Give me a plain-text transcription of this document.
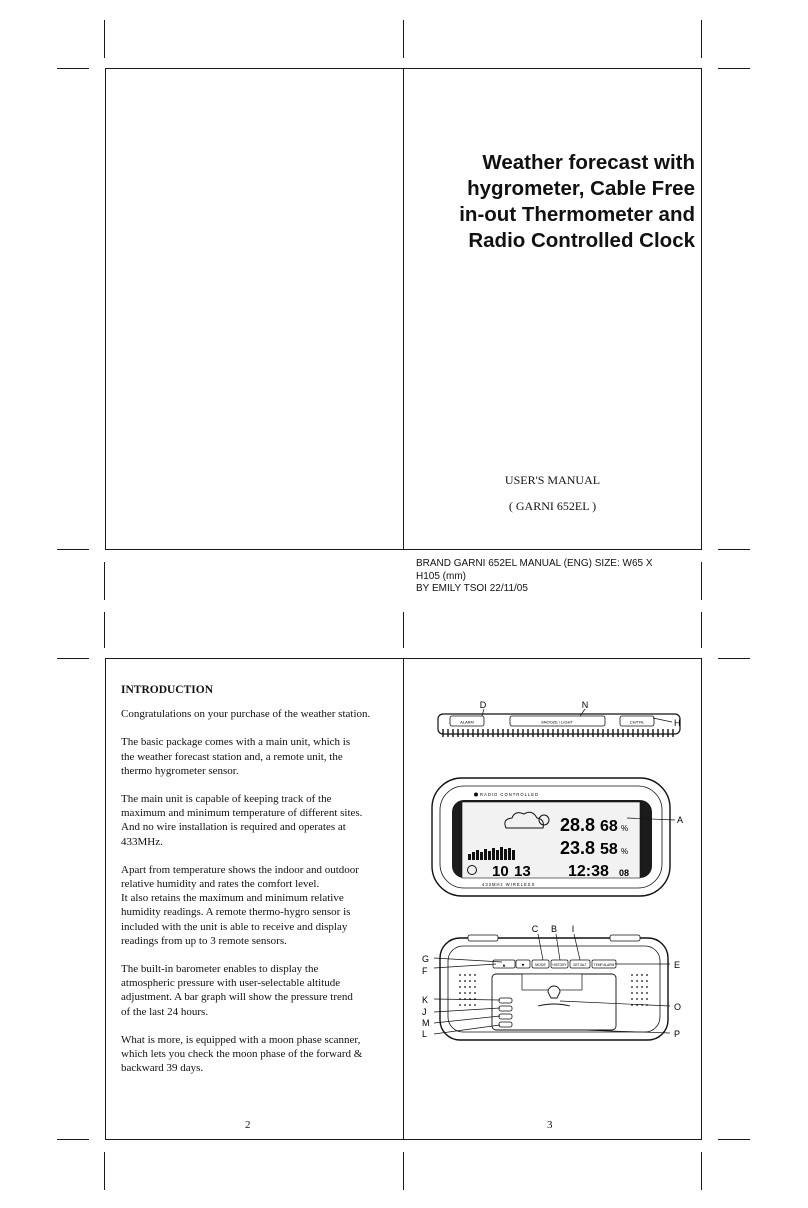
Weather forecast with
hygrometer, Cable Free
in-out Thermometer and
Radio Controlled Clock
USER'S MANUAL
( GARNI 652EL )
BRAND GARNI 652EL MANUAL (ENG) SIZE: W65 X
H105 (mm)
BY EMILY TSOI 22/11/05
INTRODUCTION

Congratulations on your purchase of the weather station.

The basic package comes with a main unit, which is
the weather forecast station and, a remote unit, the
thermo hygrometer sensor.

The main unit is capable of keeping track of the
maximum and minimum temperature of different sites.
And no wire installation is required and operates at
433MHz.

Apart from temperature shows the indoor and outdoor
relative humidity and rates the comfort level.
It also retains the maximum and minimum relative
humidity readings. A remote thermo-hygro sensor is
included with the unit is able to receive and display
readings from up to 3 remote sensors.

The built-in barometer enables to display the
atmospheric pressure with user-selectable altitude
adjustment. A bar graph will show the pressure trend
of the last 24 hours.

What is more, is equipped with a moon phase scanner,
which lets you check the moon phase of the forward &
backward 39 days.

2	3
ALARM	SNOOZE / LIGHT	CH/TRL
D	N
H
RADIO CONTROLLED
28.8 68 %
23.8 58 %
10 13 12:38 08
433MHz WIRELESS
A
▲	▼	MODE HISTORY SET/ALT TEMP ALARM
C B I
G
F
E
K
J
M
L
O
P
